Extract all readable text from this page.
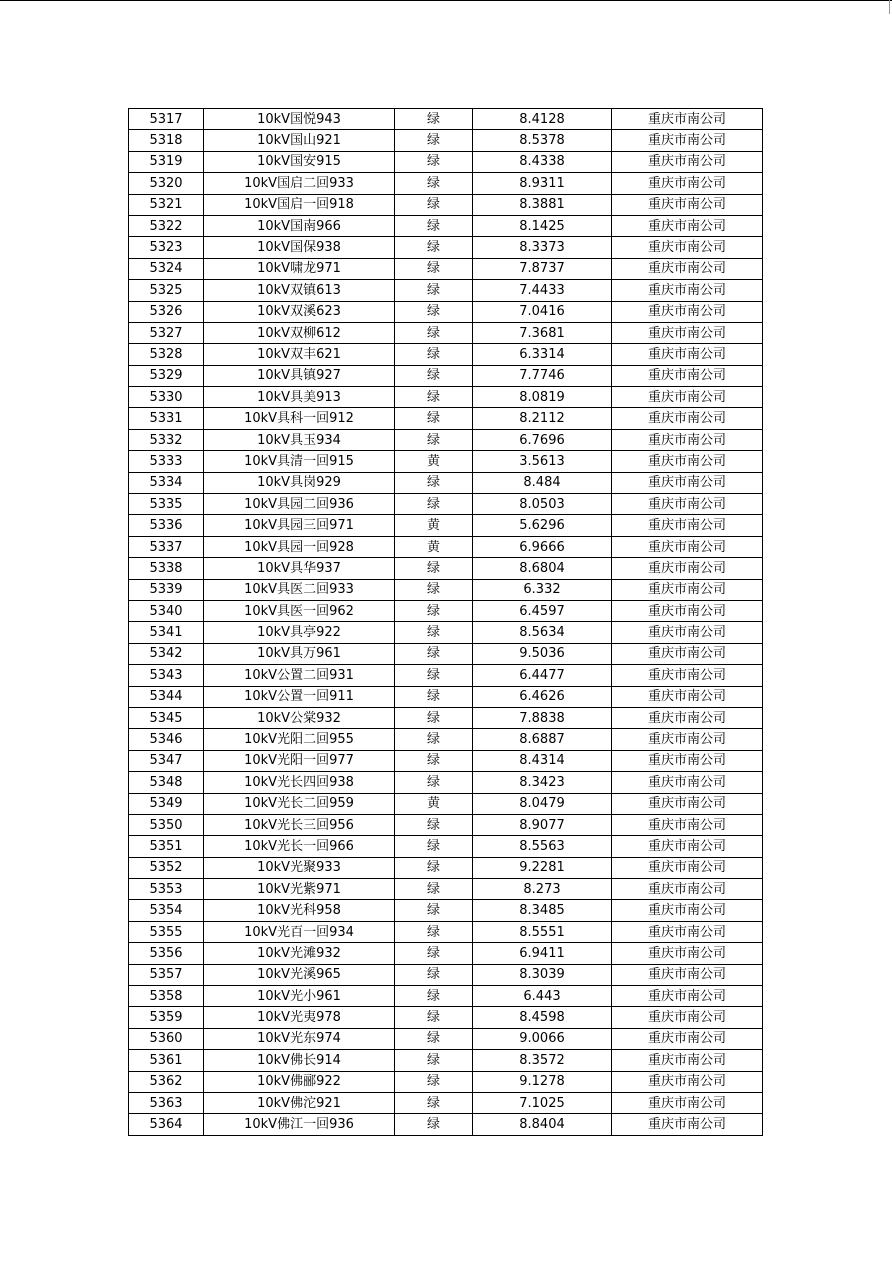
5317	10kV国悦943	绿	8.4128	重庆市南公司
5318	10kV国山921	绿	8.5378	重庆市南公司
5319	10kV国安915	绿	8.4338	重庆市南公司
5320	10kV国启二回933	绿	8.9311	重庆市南公司
5321	10kV国启一回918	绿	8.3881	重庆市南公司
5322	10kV国南966	绿	8.1425	重庆市南公司
5323	10kV国保938	绿	8.3373	重庆市南公司
5324	10kV啸龙971	绿	7.8737	重庆市南公司
5325	10kV双镇613	绿	7.4433	重庆市南公司
5326	10kV双溪623	绿	7.0416	重庆市南公司
5327	10kV双柳612	绿	7.3681	重庆市南公司
5328	10kV双丰621	绿	6.3314	重庆市南公司
5329	10kV具镇927	绿	7.7746	重庆市南公司
5330	10kV具美913	绿	8.0819	重庆市南公司
5331	10kV具科一回912	绿	8.2112	重庆市南公司
5332	10kV具玉934	绿	6.7696	重庆市南公司
5333	10kV具清一回915	黄	3.5613	重庆市南公司
5334	10kV具岗929	绿	8.484	重庆市南公司
5335	10kV具园二回936	绿	8.0503	重庆市南公司
5336	10kV具园三回971	黄	5.6296	重庆市南公司
5337	10kV具园一回928	黄	6.9666	重庆市南公司
5338	10kV具华937	绿	8.6804	重庆市南公司
5339	10kV具医二回933	绿	6.332	重庆市南公司
5340	10kV具医一回962	绿	6.4597	重庆市南公司
5341	10kV具亭922	绿	8.5634	重庆市南公司
5342	10kV具万961	绿	9.5036	重庆市南公司
5343	10kV公置二回931	绿	6.4477	重庆市南公司
5344	10kV公置一回911	绿	6.4626	重庆市南公司
5345	10kV公棠932	绿	7.8838	重庆市南公司
5346	10kV光阳二回955	绿	8.6887	重庆市南公司
5347	10kV光阳一回977	绿	8.4314	重庆市南公司
5348	10kV光长四回938	绿	8.3423	重庆市南公司
5349	10kV光长二回959	黄	8.0479	重庆市南公司
5350	10kV光长三回956	绿	8.9077	重庆市南公司
5351	10kV光长一回966	绿	8.5563	重庆市南公司
5352	10kV光聚933	绿	9.2281	重庆市南公司
5353	10kV光紫971	绿	8.273	重庆市南公司
5354	10kV光科958	绿	8.3485	重庆市南公司
5355	10kV光百一回934	绿	8.5551	重庆市南公司
5356	10kV光滩932	绿	6.9411	重庆市南公司
5357	10kV光溪965	绿	8.3039	重庆市南公司
5358	10kV光小961	绿	6.443	重庆市南公司
5359	10kV光夷978	绿	8.4598	重庆市南公司
5360	10kV光东974	绿	9.0066	重庆市南公司
5361	10kV佛长914	绿	8.3572	重庆市南公司
5362	10kV佛郦922	绿	9.1278	重庆市南公司
5363	10kV佛沱921	绿	7.1025	重庆市南公司
5364	10kV佛江一回936	绿	8.8404	重庆市南公司
